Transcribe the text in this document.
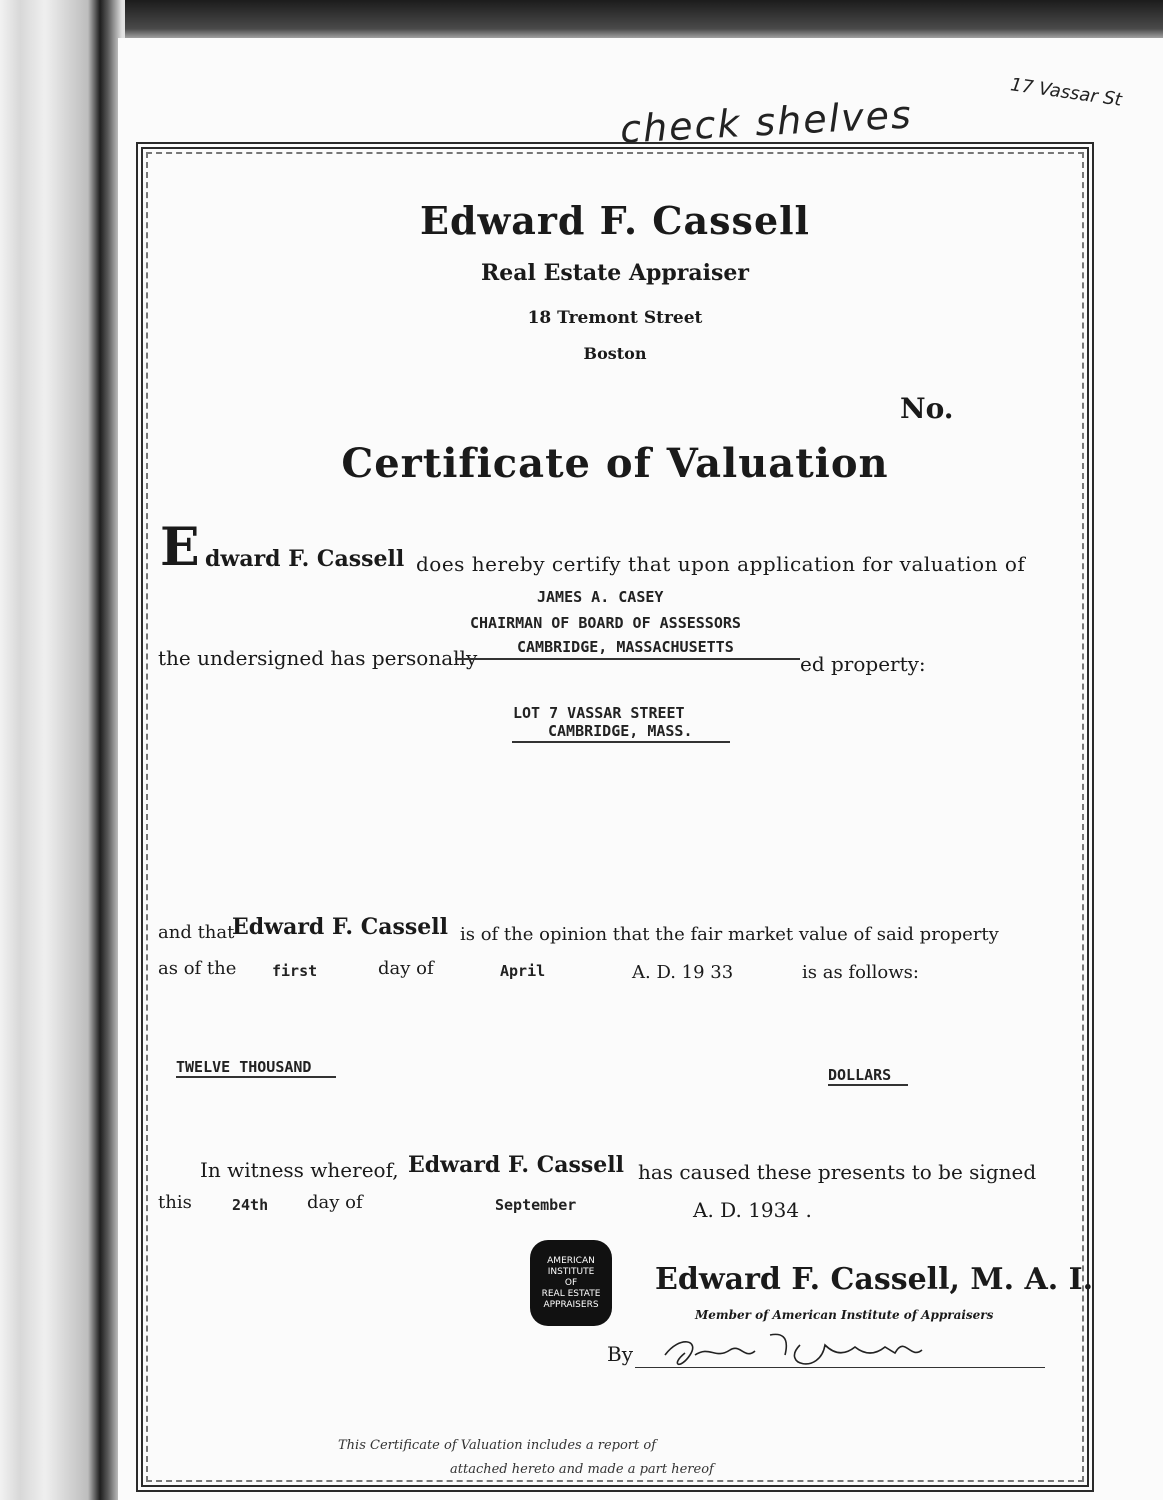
check shelves	17 Vassar St
Edward F. Cassell
Real Estate Appraiser
18 Tremont Street
Boston
No.
Certificate of Valuation
E dward F. Cassell does hereby certify that upon application for valuation of
JAMES A. CASEY
CHAIRMAN OF BOARD OF ASSESSORS
CAMBRIDGE, MASSACHUSETTS
the undersigned has personally	ed property:
LOT 7 VASSAR STREET
CAMBRIDGE, MASS.
and that
Edward F. Cassell is of the opinion that the fair market value of said property
as of the first	day of	April	A. D. 19 33	is as follows:
TWELVE THOUSAND	DOLLARS
In witness whereof, Edward F. Cassell has caused these presents to be signed
this	24th day of	September	A. D. 1934 .
AMERICAN
INSTITUTE
OF
REAL ESTATE
APPRAISERS
Edward F. Cassell, M. A. I.
Member of American Institute of Appraisers
By
This Certificate of Valuation includes a report of
attached hereto and made a part hereof
